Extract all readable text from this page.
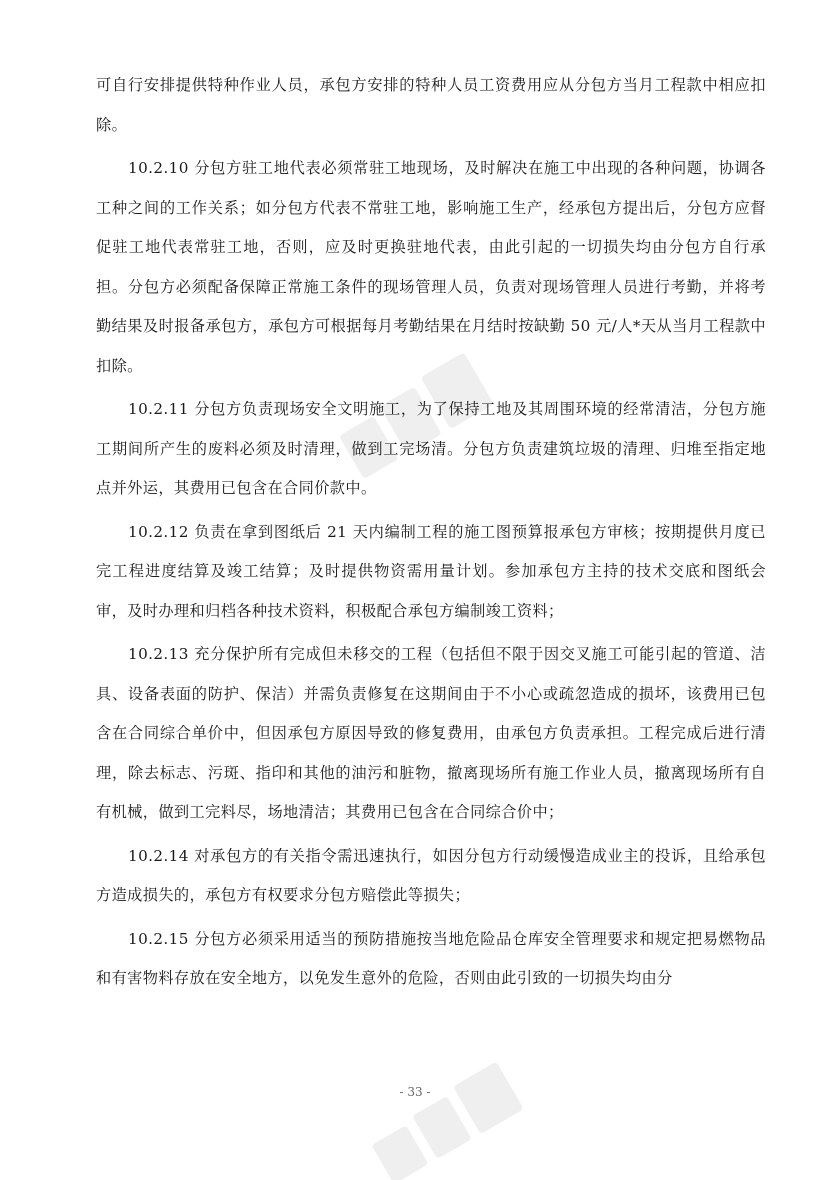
可自行安排提供特种作业人员，承包方安排的特种人员工资费用应从分包方当月工程款中相应扣除。

10.2.10 分包方驻工地代表必须常驻工地现场，及时解决在施工中出现的各种问题，协调各工种之间的工作关系；如分包方代表不常驻工地，影响施工生产，经承包方提出后，分包方应督促驻工地代表常驻工地，否则，应及时更换驻地代表，由此引起的一切损失均由分包方自行承担。分包方必须配备保障正常施工条件的现场管理人员，负责对现场管理人员进行考勤，并将考勤结果及时报备承包方，承包方可根据每月考勤结果在月结时按缺勤 50 元/人*天从当月工程款中扣除。

10.2.11 分包方负责现场安全文明施工，为了保持工地及其周围环境的经常清洁，分包方施工期间所产生的废料必须及时清理，做到工完场清。分包方负责建筑垃圾的清理、归堆至指定地点并外运，其费用已包含在合同价款中。

10.2.12 负责在拿到图纸后 21 天内编制工程的施工图预算报承包方审核；按期提供月度已完工程进度结算及竣工结算；及时提供物资需用量计划。参加承包方主持的技术交底和图纸会审，及时办理和归档各种技术资料，积极配合承包方编制竣工资料；

10.2.13 充分保护所有完成但未移交的工程（包括但不限于因交叉施工可能引起的管道、洁具、设备表面的防护、保洁）并需负责修复在这期间由于不小心或疏忽造成的损坏，该费用已包含在合同综合单价中，但因承包方原因导致的修复费用，由承包方负责承担。工程完成后进行清理，除去标志、污斑、指印和其他的油污和脏物，撤离现场所有施工作业人员，撤离现场所有自有机械，做到工完料尽，场地清洁；其费用已包含在合同综合价中；

10.2.14 对承包方的有关指令需迅速执行，如因分包方行动缓慢造成业主的投诉，且给承包方造成损失的，承包方有权要求分包方赔偿此等损失；

10.2.15 分包方必须采用适当的预防措施按当地危险品仓库安全管理要求和规定把易燃物品和有害物料存放在安全地方，以免发生意外的危险，否则由此引致的一切损失均由分

- 33 -
